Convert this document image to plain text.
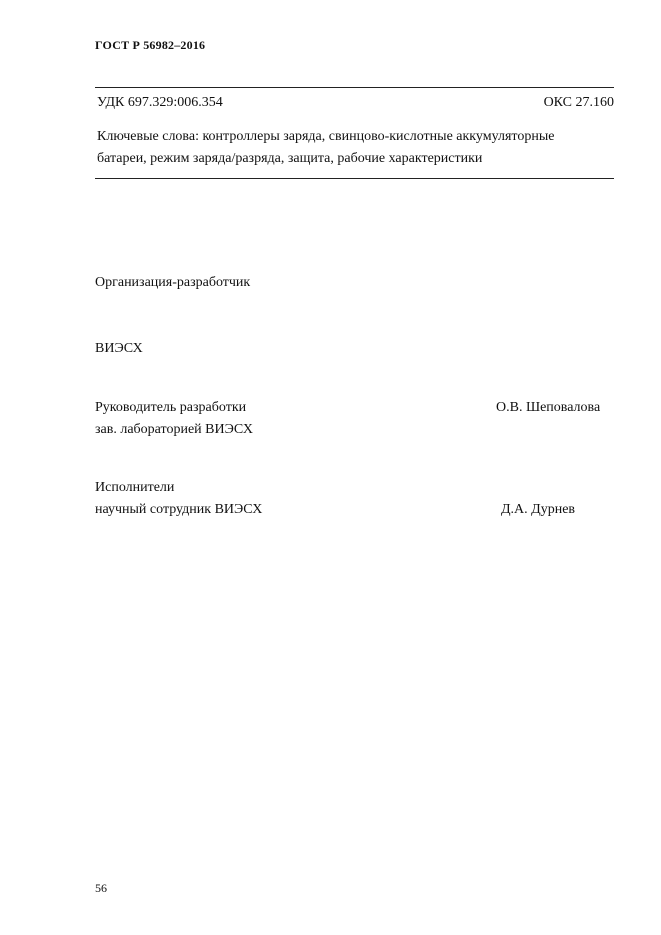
ГОСТ Р 56982–2016
УДК 697.329:006.354	ОКС 27.160
Ключевые слова: контроллеры заряда, свинцово-кислотные аккумуляторные
батареи, режим заряда/разряда, защита, рабочие характеристики
Организация-разработчик
ВИЭСХ
Руководитель разработки	О.В. Шеповалова
зав. лабораторией ВИЭСХ
Исполнители
научный сотрудник ВИЭСХ	Д.А. Дурнев
56
